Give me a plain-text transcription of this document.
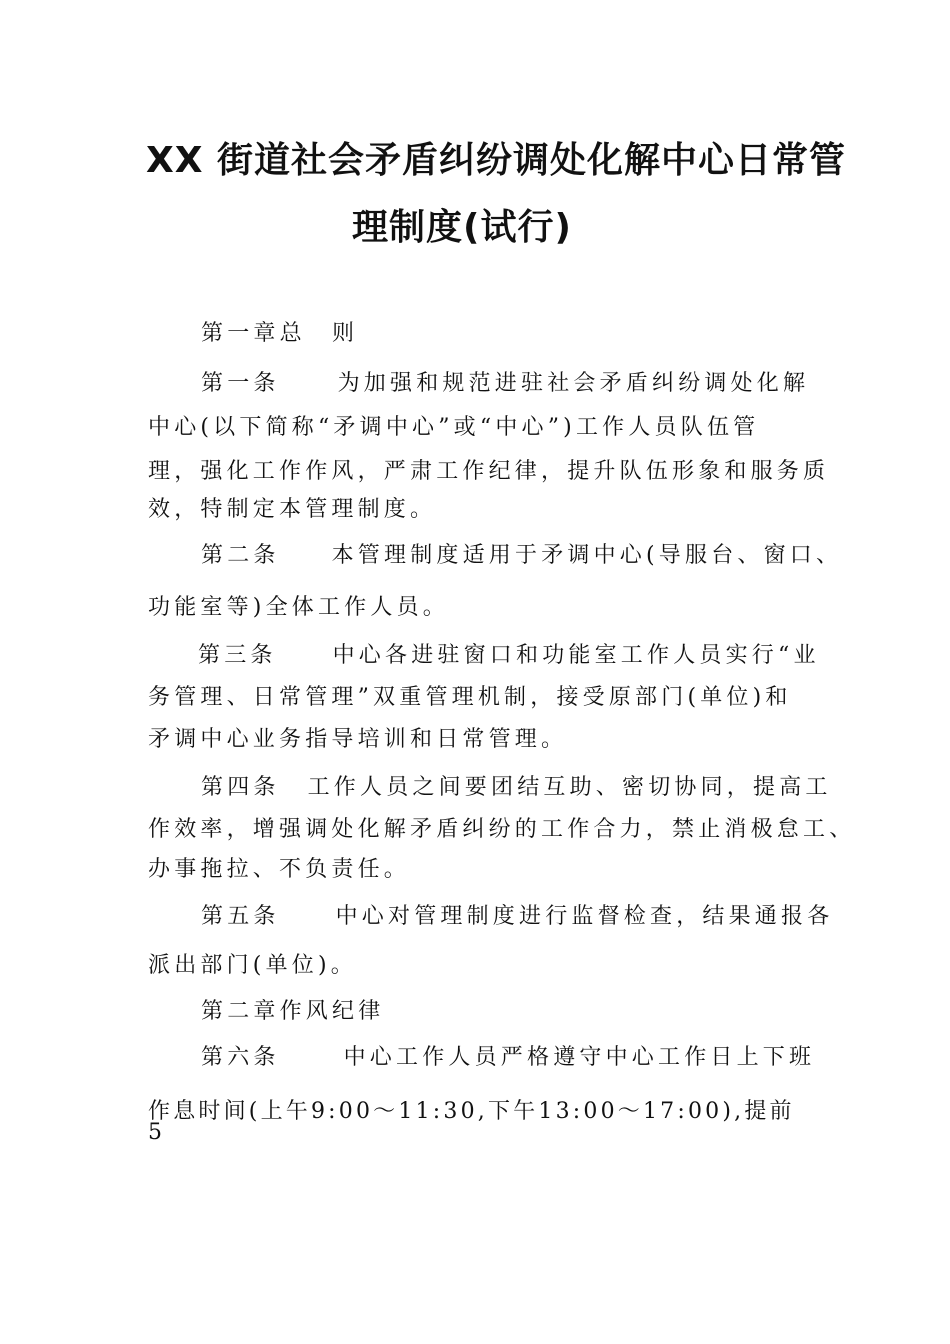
XX 街道社会矛盾纠纷调处化解中心日常管
理制度(试行)
第一章总　则
第一条	为加强和规范进驻社会矛盾纠纷调处化解
中心(以下简称“矛调中心”或“中心”)工作人员队伍管
理，强化工作作风，严肃工作纪律，提升队伍形象和服务质
效，特制定本管理制度。
第二条 本管理制度适用于矛调中心(导服台、窗口、
功能室等)全体工作人员。
第三条	中心各进驻窗口和功能室工作人员实行“业
务管理、日常管理”双重管理机制，接受原部门(单位)和
矛调中心业务指导培训和日常管理。
第四条 工作人员之间要团结互助、密切协同，提高工
作效率，增强调处化解矛盾纠纷的工作合力，禁止消极怠工、
办事拖拉、不负责任。
第五条	中心对管理制度进行监督检查，结果通报各
派出部门(单位)。
第二章作风纪律
第六条	中心工作人员严格遵守中心工作日上下班
作息时间(上午9:00～11:30,下午13:00～17:00),提前
5
